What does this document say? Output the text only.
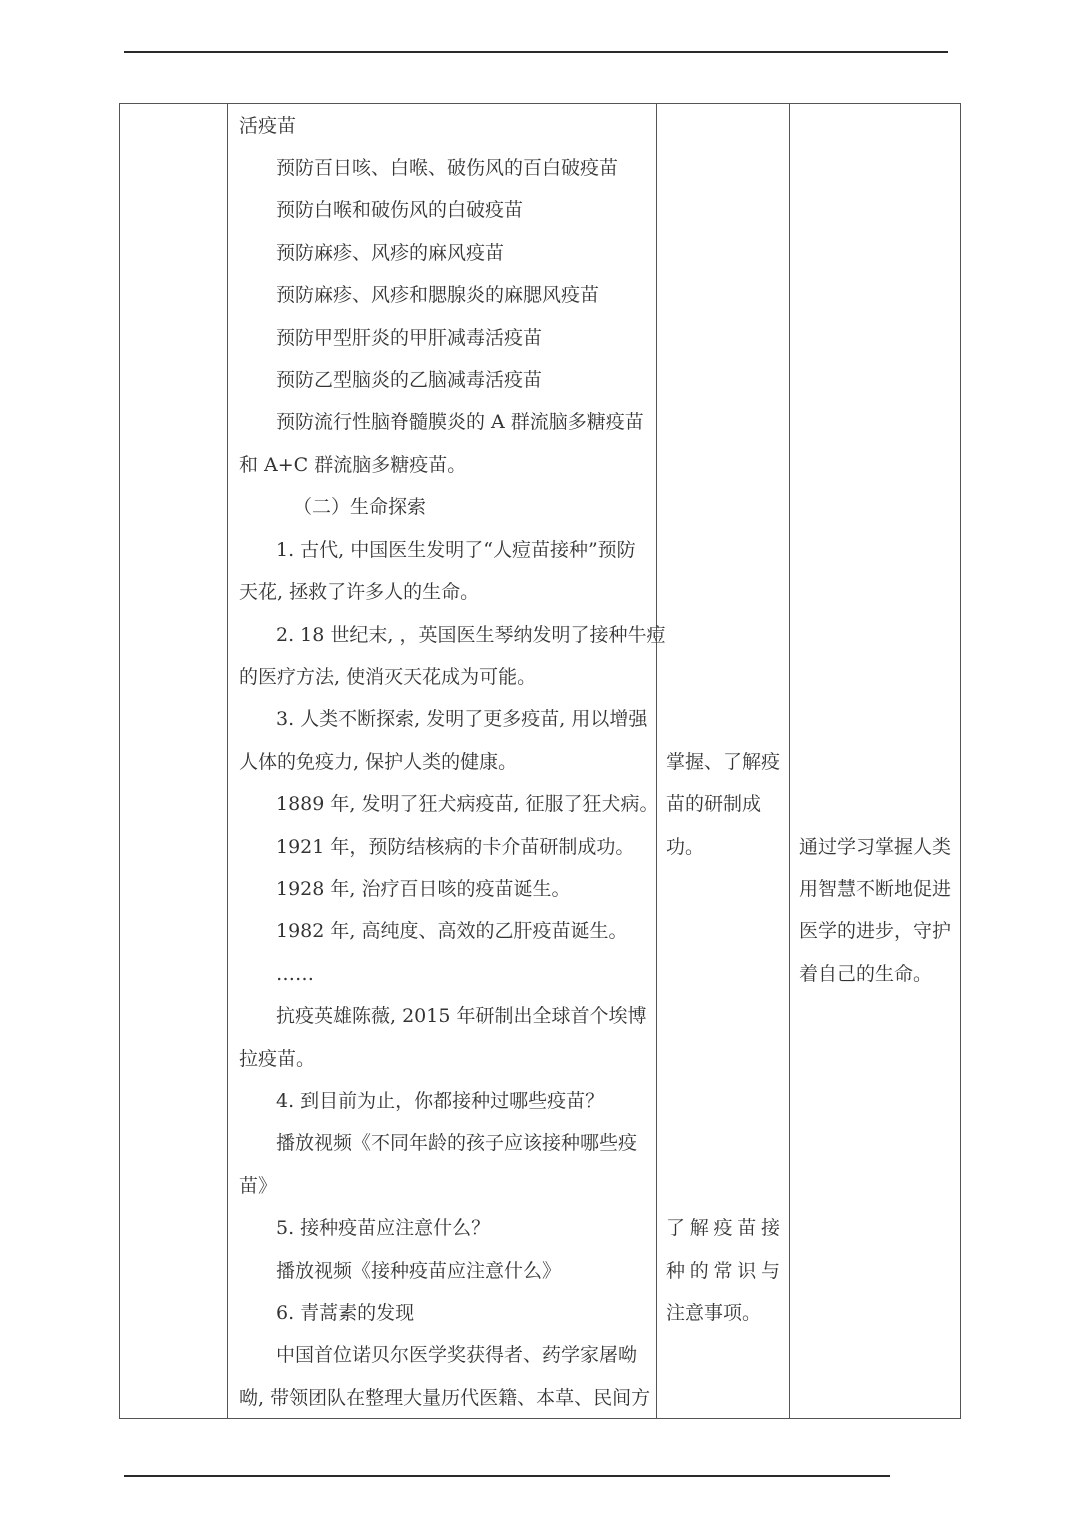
活疫苗
预防百日咳、白喉、破伤风的百白破疫苗
预防白喉和破伤风的白破疫苗
预防麻疹、风疹的麻风疫苗
预防麻疹、风疹和腮腺炎的麻腮风疫苗
预防甲型肝炎的甲肝减毒活疫苗
预防乙型脑炎的乙脑减毒活疫苗
预防流行性脑脊髓膜炎的 A 群流脑多糖疫苗
和 A+C 群流脑多糖疫苗。
（二）生命探索
1. 古代, 中国医生发明了“人痘苗接种”预防
天花, 拯救了许多人的生命。
2. 18 世纪末, ，英国医生琴纳发明了接种牛痘
的医疗方法, 使消灭天花成为可能。
3. 人类不断探索, 发明了更多疫苗, 用以增强
人体的免疫力, 保护人类的健康。
1889 年, 发明了狂犬病疫苗, 征服了狂犬病。
1921 年，预防结核病的卡介苗研制成功。
1928 年, 治疗百日咳的疫苗诞生。
1982 年, 高纯度、高效的乙肝疫苗诞生。
……
抗疫英雄陈薇, 2015 年研制出全球首个埃博
拉疫苗。
4. 到目前为止，你都接种过哪些疫苗？
播放视频《不同年龄的孩子应该接种哪些疫
苗》
5. 接种疫苗应注意什么？
播放视频《接种疫苗应注意什么》
6. 青蒿素的发现
中国首位诺贝尔医学奖获得者、药学家屠呦
呦, 带领团队在整理大量历代医籍、本草、民间方
掌握、了解疫
苗的研制成
功。
了解疫苗接
种的常识与
注意事项。
通过学习掌握人类
用智慧不断地促进
医学的进步，守护
着自己的生命。
